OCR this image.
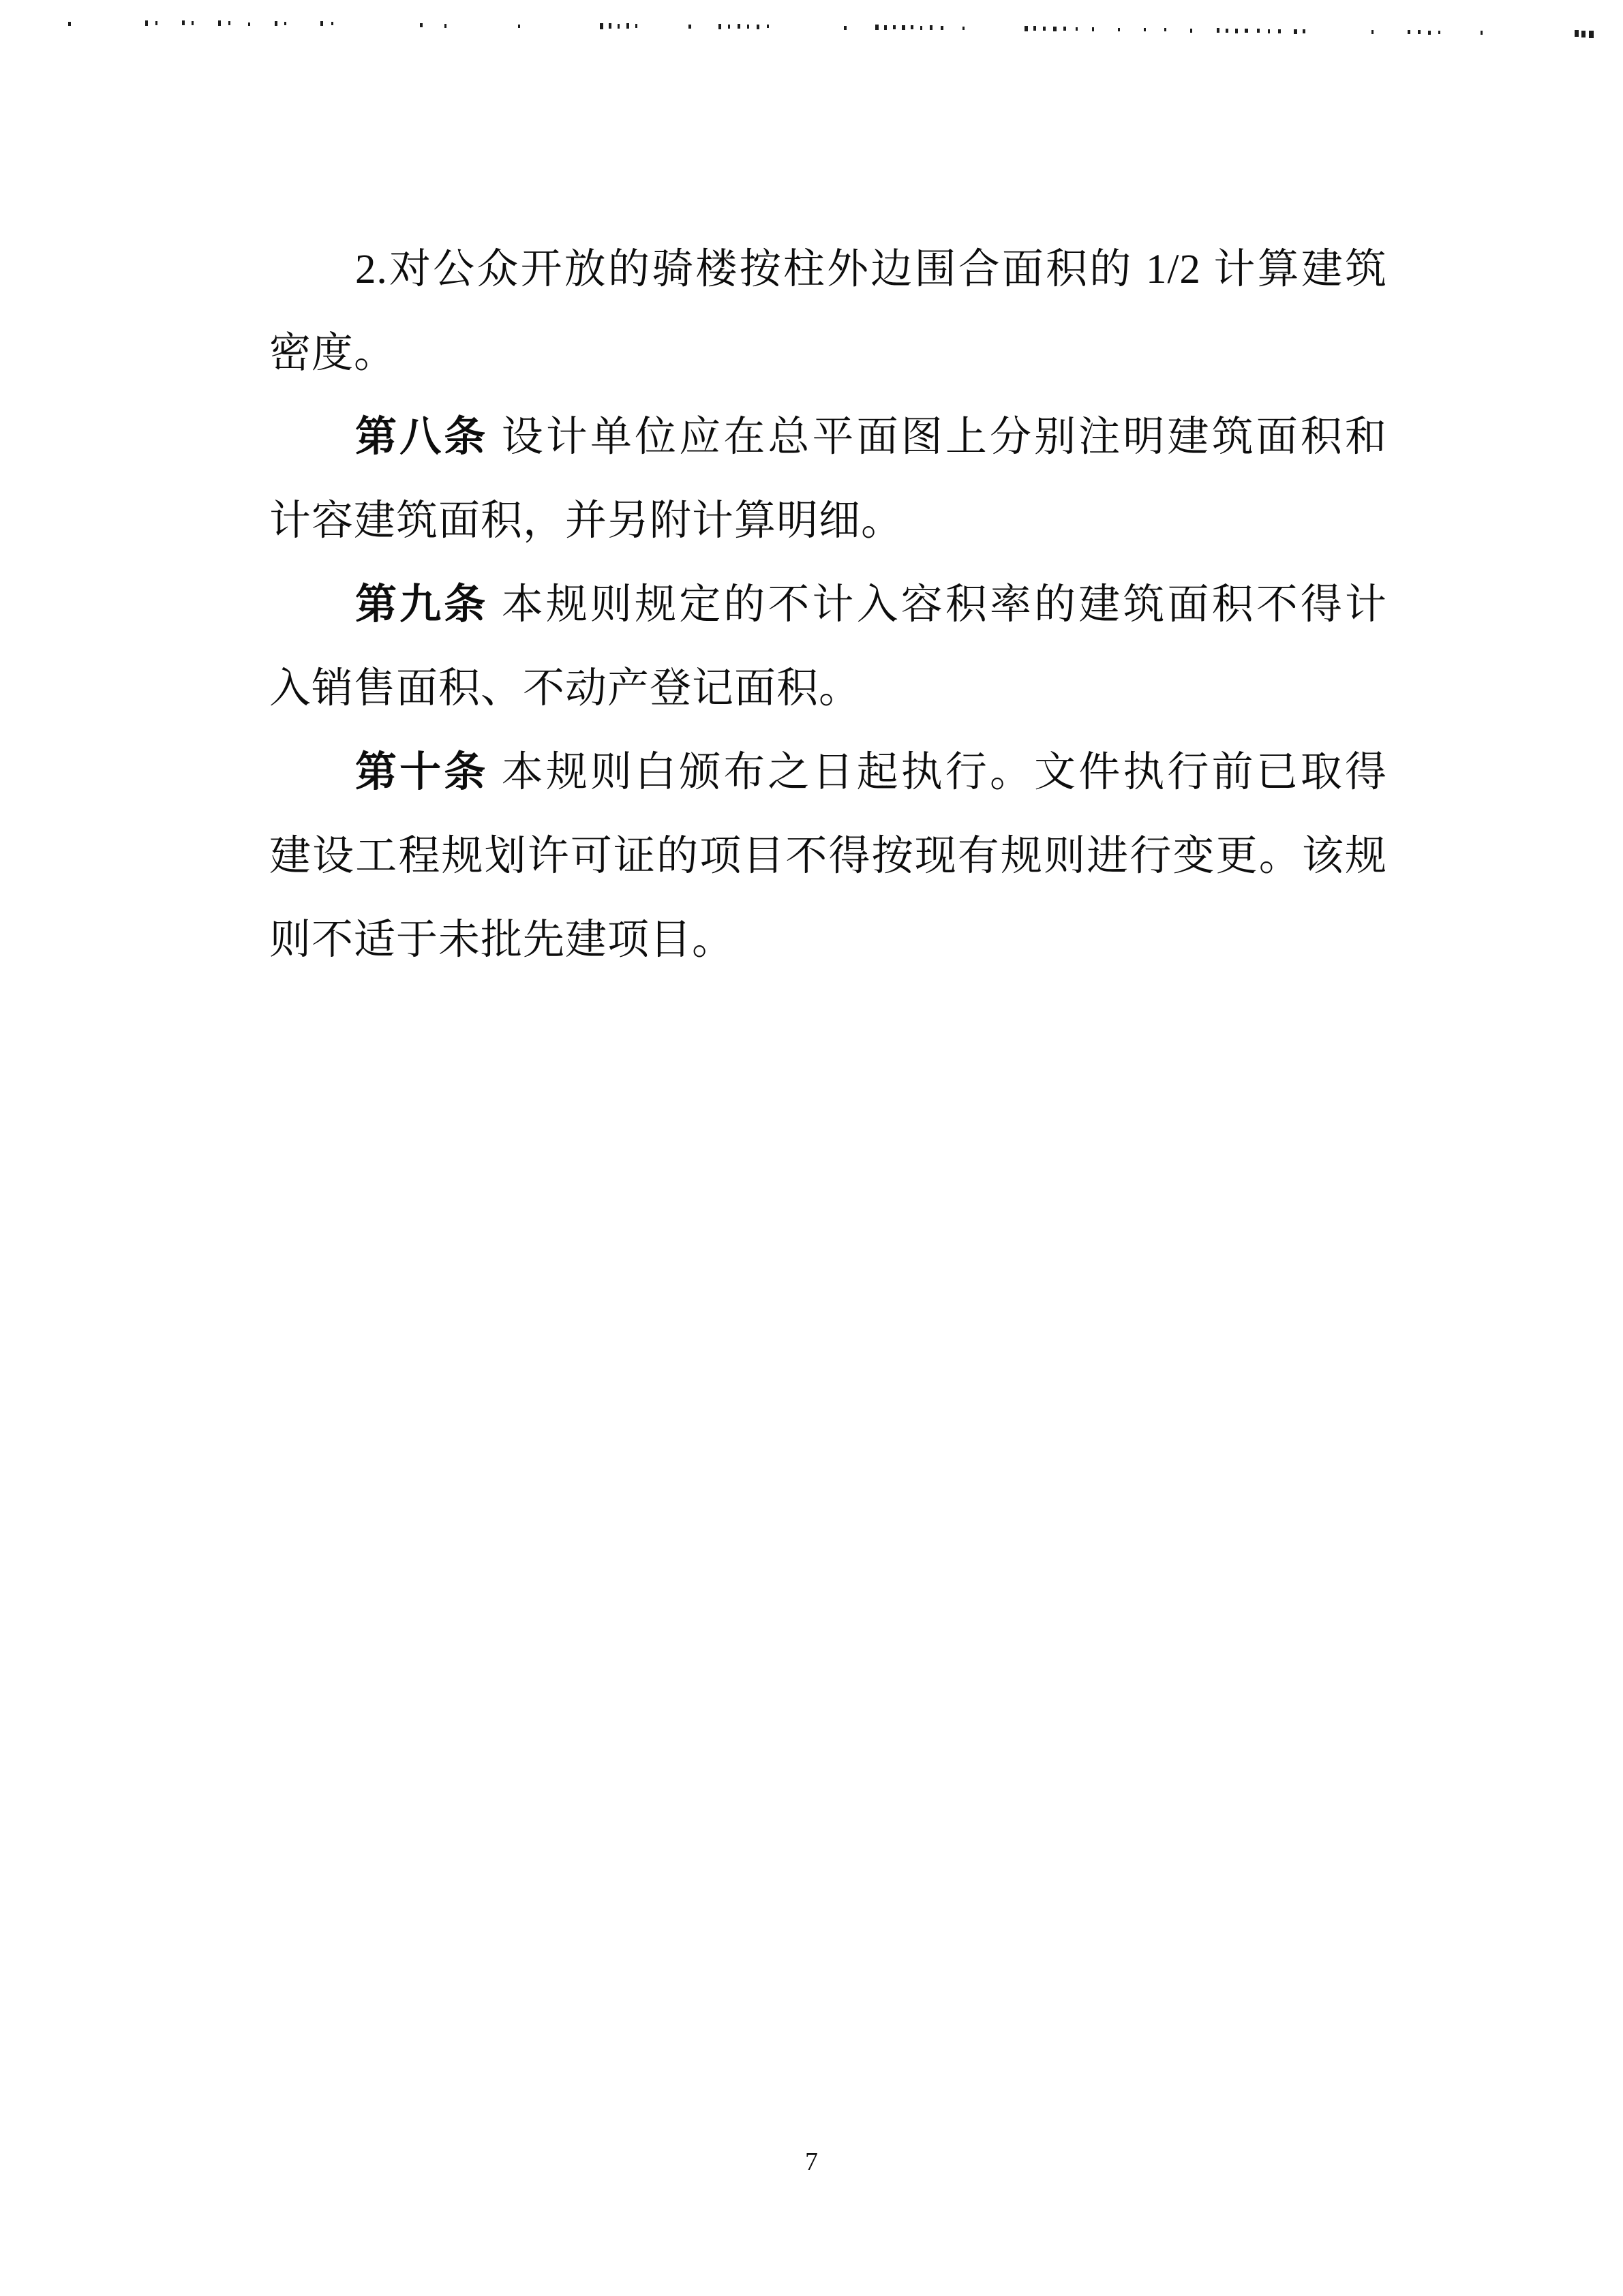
2.对公众开放的骑楼按柱外边围合面积的 1/2 计算建筑
密度。
第八条 设计单位应在总平面图上分别注明建筑面积和
计容建筑面积，并另附计算明细。
第九条 本规则规定的不计入容积率的建筑面积不得计
入销售面积、不动产登记面积。
第十条 本规则白颁布之日起执行。文件执行前已取得
建设工程规划许可证的项目不得按现有规则进行变更。该规
则不适于未批先建项目。
7
